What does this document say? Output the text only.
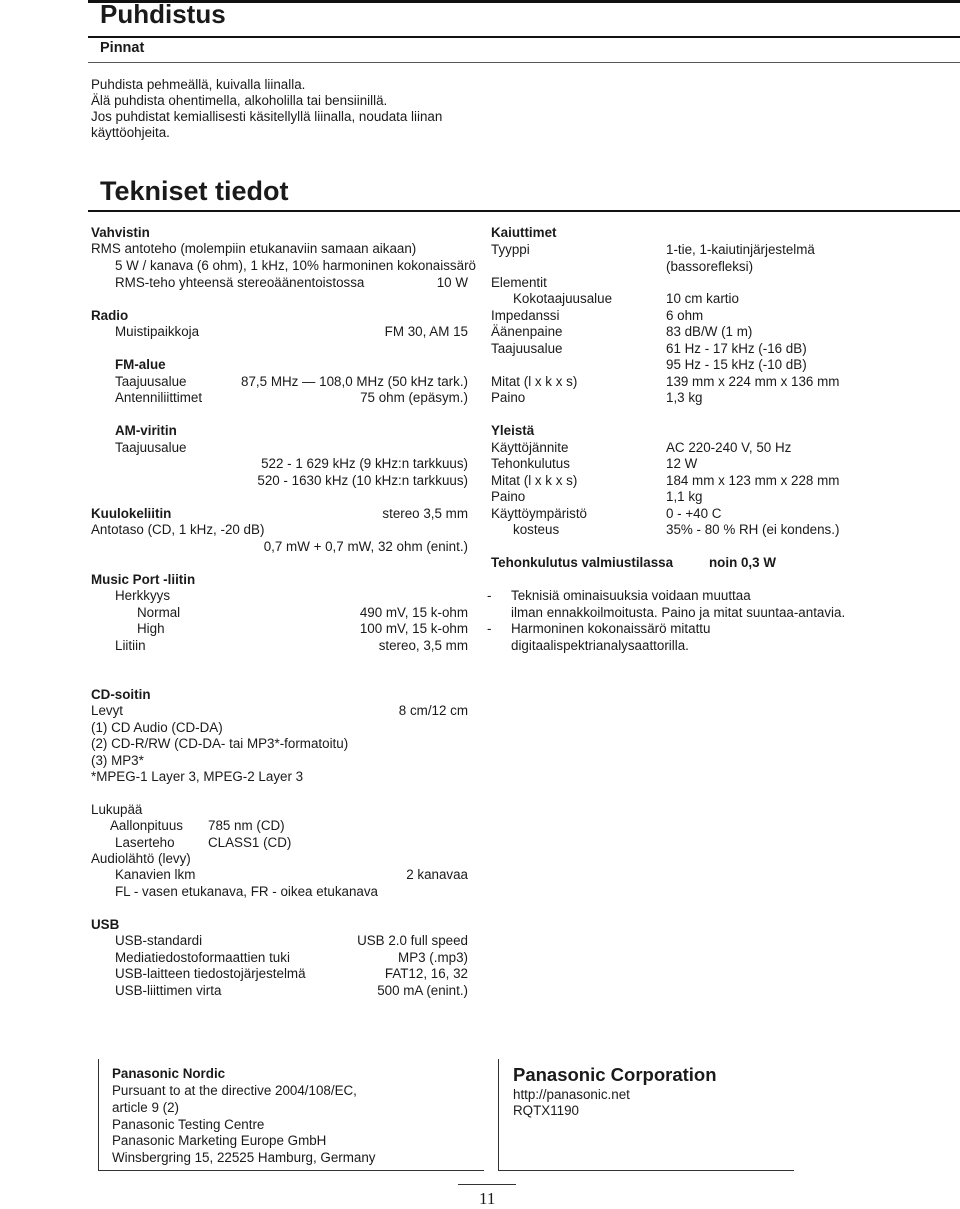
Puhdistus
Pinnat
Puhdista pehmeällä, kuivalla liinalla.
Älä puhdista ohentimella, alkoholilla tai bensiinillä.
Jos puhdistat kemiallisesti käsitellyllä liinalla, noudata liinan
käyttöohjeita.
Tekniset tiedot
Vahvistin
RMS antoteho (molempiin etukanaviin samaan aikaan)
5 W / kanava (6 ohm), 1 kHz, 10% harmoninen kokonaissärö
RMS-teho yhteensä stereoäänentoistossa	10 W
Radio
Muistipaikkoja	FM 30, AM 15
FM-alue
Taajuusalue	87,5 MHz — 108,0 MHz (50 kHz tark.)
Antenniliittimet	75 ohm (epäsym.)
AM-viritin
Taajuusalue
522 - 1 629 kHz (9 kHz:n tarkkuus)
520 - 1630 kHz (10 kHz:n tarkkuus)
Kuulokeliitin	stereo 3,5 mm
Antotaso (CD, 1 kHz, -20 dB)
0,7 mW + 0,7 mW, 32 ohm (enint.)
Music Port -liitin
Herkkyys
Normal	490 mV, 15 k-ohm
High	100 mV, 15 k-ohm
Liitiin	stereo, 3,5 mm
Kaiuttimet
Tyyppi	1-tie, 1-kaiutinjärjestelmä
(bassorefleksi)
Elementit
Kokotaajuusalue	10 cm kartio
Impedanssi	6 ohm
Äänenpaine	83 dB/W (1 m)
Taajuusalue	61 Hz - 17 kHz (-16 dB)
95 Hz - 15 kHz (-10 dB)
Mitat (l x k x s)	139 mm x 224 mm x 136 mm
Paino	1,3 kg
Yleistä
Käyttöjännite	AC 220-240 V, 50 Hz
Tehonkulutus	12 W
Mitat (l x k x s)	184 mm x 123 mm x 228 mm
Paino	1,1 kg
Käyttöympäristö	0 - +40 C
kosteus	35% - 80 % RH (ei kondens.)
Tehonkulutus valmiustilassa	noin 0,3 W
- Teknisiä ominaisuuksia voidaan muuttaa
ilman ennakkoilmoitusta. Paino ja mitat suuntaa-antavia.
- Harmoninen kokonaissärö mitattu
digitaalispektrianalysaattorilla.
CD-soitin
Levyt	8 cm/12 cm
(1) CD Audio (CD-DA)
(2) CD-R/RW (CD-DA- tai MP3*-formatoitu)
(3) MP3*
*MPEG-1 Layer 3, MPEG-2 Layer 3
Lukupää
Aallonpituus 785 nm (CD)
Laserteho CLASS1 (CD)
Audiolähtö (levy)
Kanavien lkm	2 kanavaa
FL - vasen etukanava, FR - oikea etukanava
USB
USB-standardi	USB 2.0 full speed
Mediatiedostoformaattien tuki	MP3 (.mp3)
USB-laitteen tiedostojärjestelmä	FAT12, 16, 32
USB-liittimen virta	500 mA (enint.)
Panasonic Nordic
Pursuant to at the directive 2004/108/EC,
article 9 (2)
Panasonic Testing Centre
Panasonic Marketing Europe GmbH
Winsbergring 15, 22525 Hamburg, Germany
Panasonic Corporation
http://panasonic.net
RQTX1190
11
